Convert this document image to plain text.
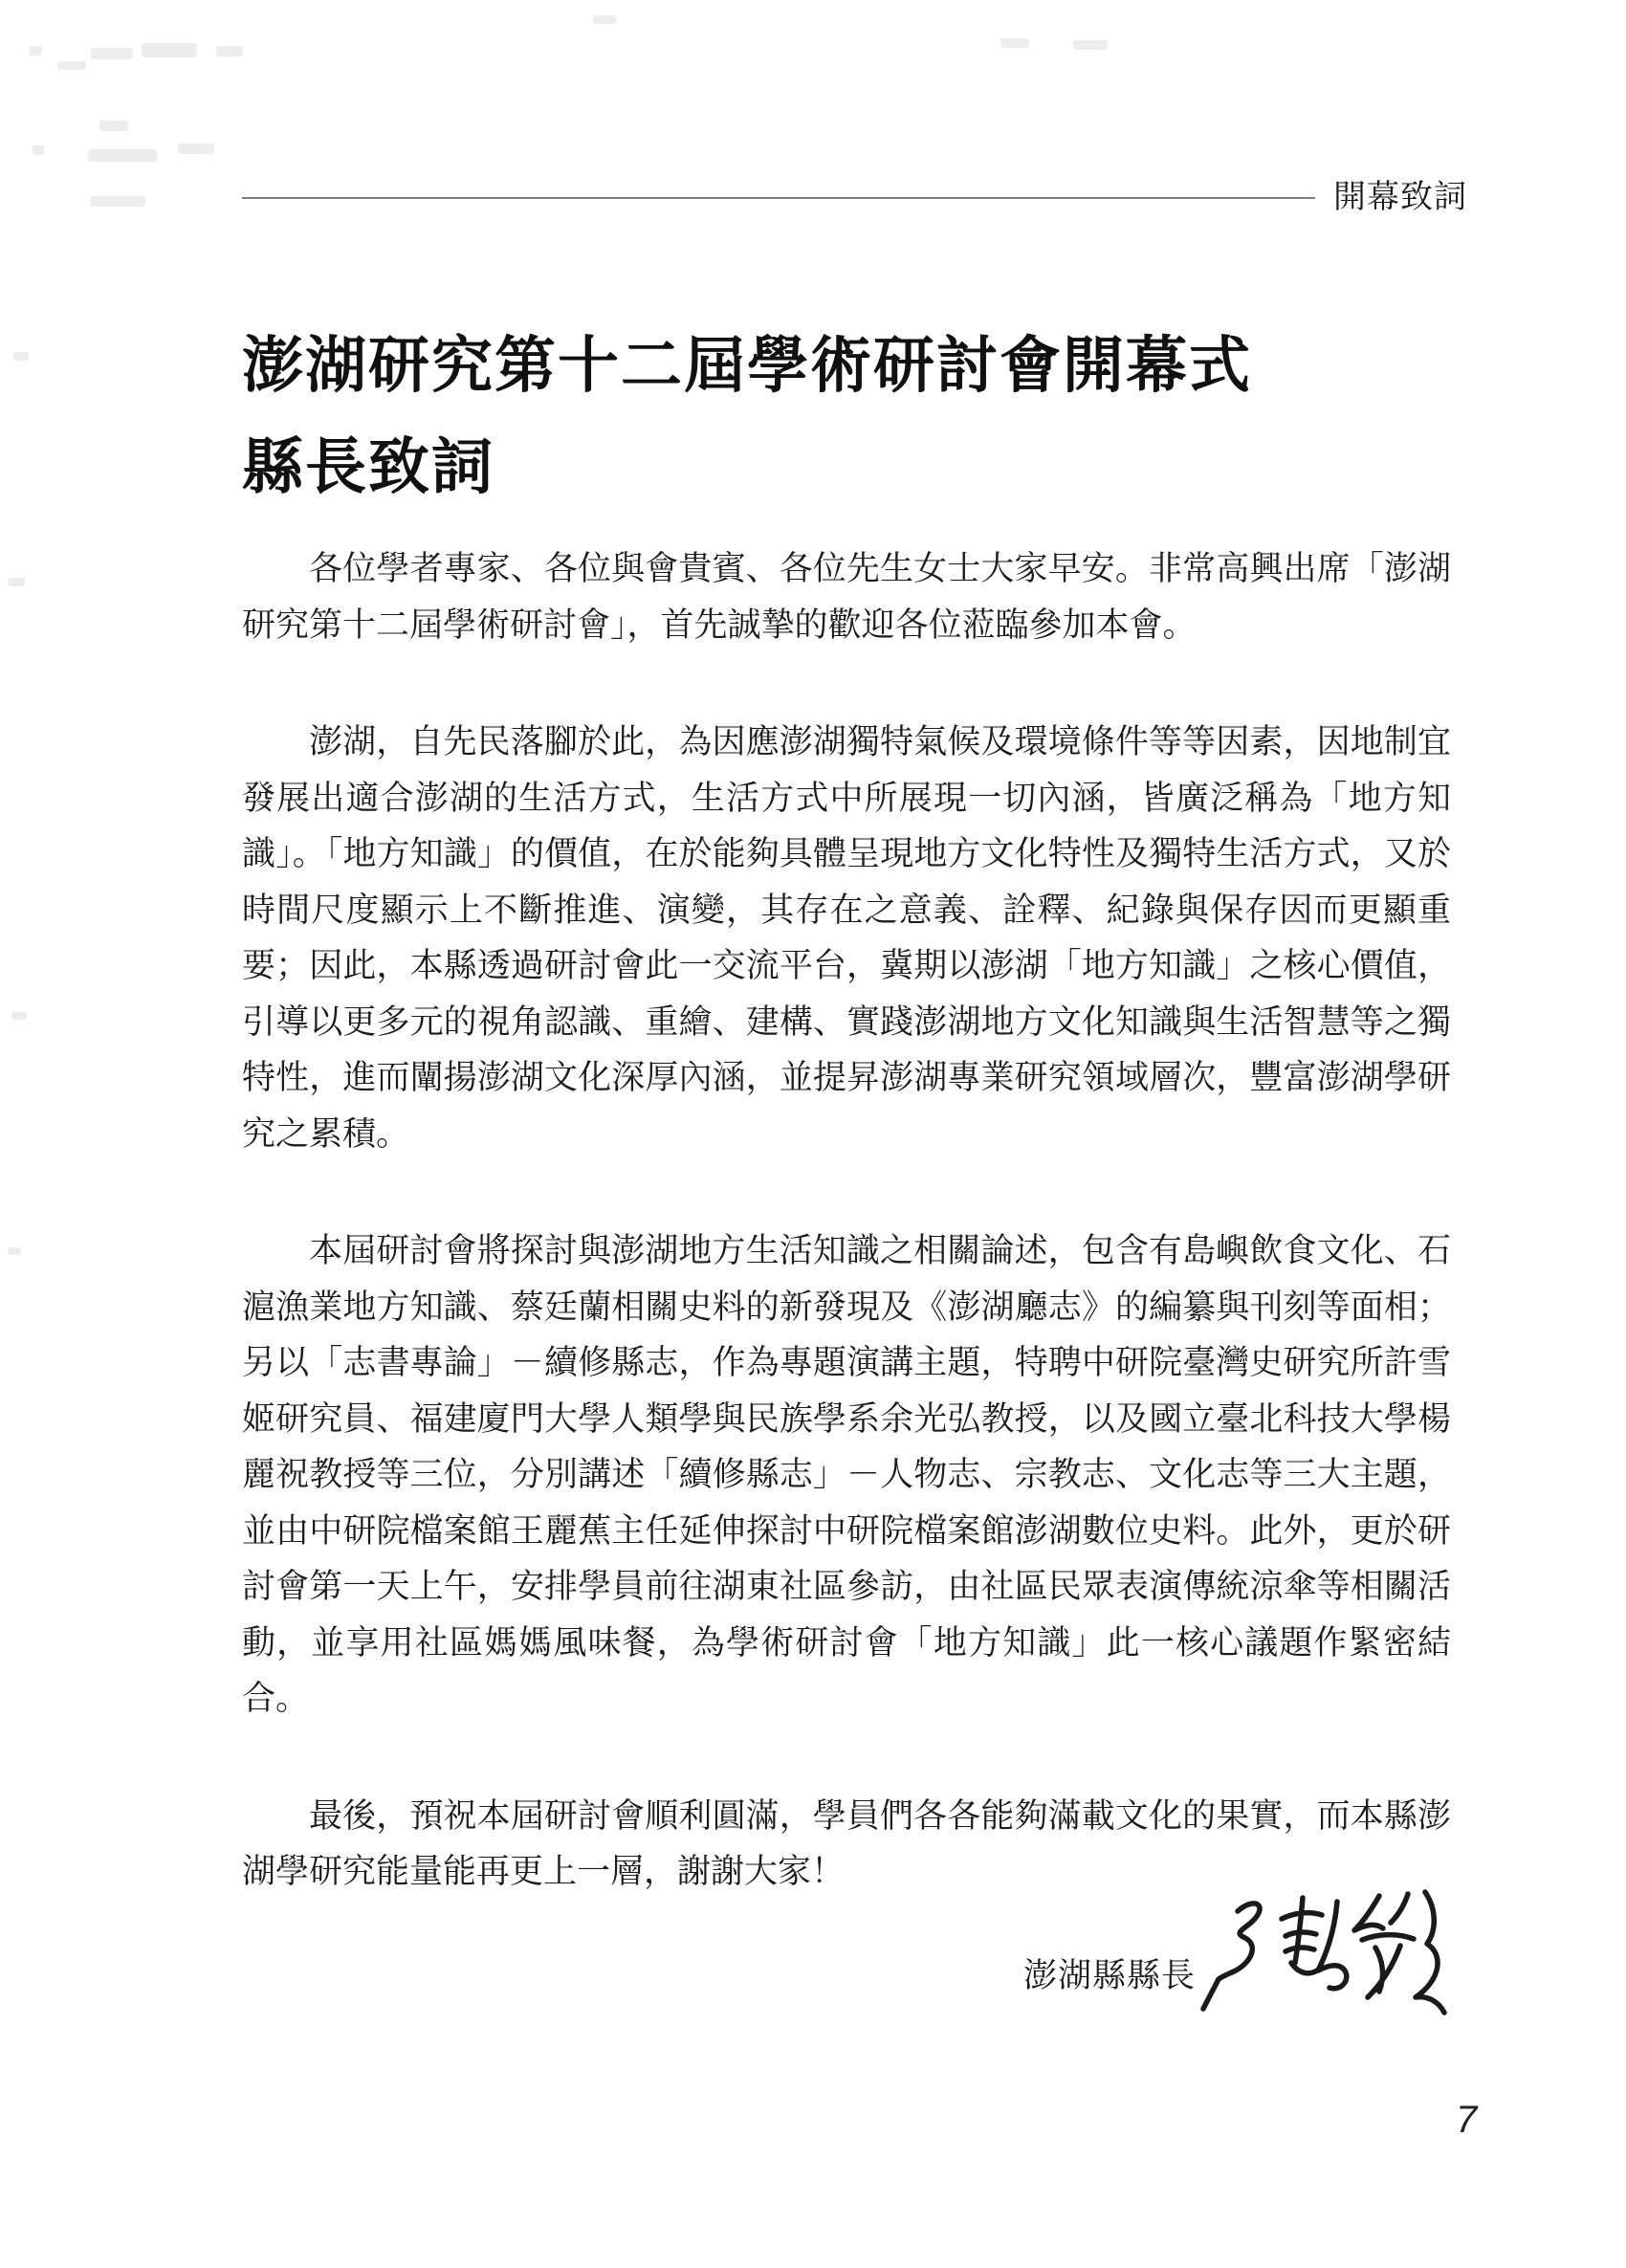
開幕致詞
澎湖研究第十二屆學術研討會開幕式
縣長致詞

各位學者專家、各位與會貴賓、各位先生女士大家早安。非常高興出席「澎湖研究第十二屆學術研討會」，首先誠摯的歡迎各位蒞臨參加本會。

澎湖，自先民落腳於此，為因應澎湖獨特氣候及環境條件等等因素，因地制宜發展出適合澎湖的生活方式，生活方式中所展現一切內涵，皆廣泛稱為「地方知識」。「地方知識」的價值，在於能夠具體呈現地方文化特性及獨特生活方式，又於時間尺度顯示上不斷推進、演變，其存在之意義、詮釋、紀錄與保存因而更顯重要；因此，本縣透過研討會此一交流平台，冀期以澎湖「地方知識」之核心價值，引導以更多元的視角認識、重繪、建構、實踐澎湖地方文化知識與生活智慧等之獨特性，進而闡揚澎湖文化深厚內涵，並提昇澎湖專業研究領域層次，豐富澎湖學研究之累積。

本屆研討會將探討與澎湖地方生活知識之相關論述，包含有島嶼飲食文化、石滬漁業地方知識、蔡廷蘭相關史料的新發現及《澎湖廳志》的編纂與刊刻等面相；另以「志書專論」－續修縣志，作為專題演講主題，特聘中研院臺灣史研究所許雪姬研究員、福建廈門大學人類學與民族學系余光弘教授，以及國立臺北科技大學楊麗祝教授等三位，分別講述「續修縣志」－人物志、宗教志、文化志等三大主題，並由中研院檔案館王麗蕉主任延伸探討中研院檔案館澎湖數位史料。此外，更於研討會第一天上午，安排學員前往湖東社區參訪，由社區民眾表演傳統涼傘等相關活動，並享用社區媽媽風味餐，為學術研討會「地方知識」此一核心議題作緊密結合。

最後，預祝本屆研討會順利圓滿，學員們各各能夠滿載文化的果實，而本縣澎湖學研究能量能再更上一層，謝謝大家！

澎湖縣縣長
7
